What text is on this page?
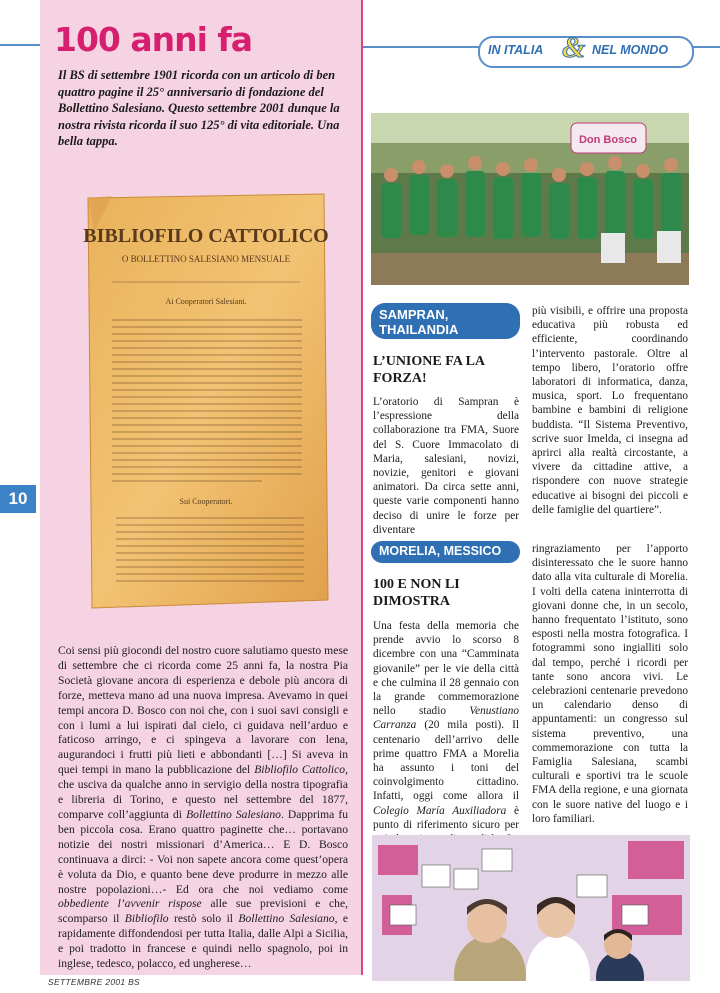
100 anni fa
Il BS di settembre 1901 ricorda con un articolo di ben quattro pagine il 25° anniversario di fondazione del Bollettino Salesiano. Questo settembre 2001 dunque la nostra rivista ricorda il suo 125° di vita editoriale. Una bella tappa.
BIBLIOFILO CATTOLICO
O BOLLETTINO SALESIANO MENSUALE
Ai Cooperatori Salesiani.
Sui Cooperatori.
Coi sensi più giocondi del nostro cuore salutiamo questo mese di settembre che ci ricorda come 25 anni fa, la nostra Pia Società giovane ancora di esperienza e debole più ancora di forze, metteva mano ad una nuova impresa. Avevamo in quei tempi ancora D. Bosco con noi che, con i suoi savi consigli e con i lumi a lui ispirati dal cielo, ci guidava nell’arduo e faticoso arringo, e ci spingeva a lavorare con lena, augurandoci i frutti più lieti e abbondanti […] Si aveva in quei tempi in mano la pubblicazione del Bibliofilo Cattolico, che usciva da qualche anno in servigio della nostra tipografia e libreria di Torino, e questo nel settembre del 1877, comparve coll’aggiunta di Bollettino Salesiano. Dapprima fu ben piccola cosa. Erano quattro paginette che… portavano notizie dei nostri missionari d’America… E D. Bosco continuava a dirci: - Voi non sapete ancora come quest’opera è voluta da Dio, e quanto bene deve produrre in mezzo alle nostre popolazioni…- Ed ora che noi vediamo come obbediente l’avvenir rispose alle sue previsioni e che, scomparso il Bibliofilo restò solo il Bollettino Salesiano, e rapidamente diffondendosi per tutta Italia, dalle Alpi a Sicilia, e poi tradotto in francese e quindi nello spagnolo, poi in inglese, tedesco, polacco, ed ungherese…
10
SETTEMBRE 2001 BS
IN ITALIA & NEL MONDO
Don Bosco
SAMPRAN, THAILANDIA
L’UNIONE FA LA FORZA!
L’oratorio di Sampran è l’espressione della collaborazione tra FMA, Suore del S. Cuore Immacolato di Maria, salesiani, novizi, novizie, genitori e giovani animatori. Da circa sette anni, queste varie componenti hanno deciso di unire le forze per diventare
più visibili, e offrire una proposta educativa più robusta ed efficiente, coordinando l’intervento pastorale. Oltre al tempo libero, l’oratorio offre laboratori di informatica, danza, musica, sport. Lo frequentano bambine e bambini di religione buddista. “Il Sistema Preventivo, scrive suor Imelda, ci insegna ad aprirci alla realtà circostante, a vivere da cittadine attive, a rispondere con nuove strategie educative ai bisogni dei piccoli e delle famiglie del quartiere”.
MORELIA, MESSICO
100 E NON LI DIMOSTRA
Una festa della memoria che prende avvio lo scorso 8 dicembre con una “Camminata giovanile” per le vie della città e che culmina il 28 gennaio con la grande commemorazione nello stadio Venustiano Carranza (20 mila posti). Il centenario dell’arrivo delle prime quattro FMA a Morelia ha assunto i toni del coinvolgimento cittadino. Infatti, oggi come allora il Colegio María Auxiliadora è punto di riferimento sicuro per
ringraziamento per l’apporto disinteressato che le suore hanno dato alla vita culturale di Morelia. I volti della catena ininterrotta di giovani donne che, in un secolo, hanno frequentato l’istituto, sono esposti nella mostra fotografica. I fotogrammi sono ingialliti solo dal tempo, perché i ricordi per tante sono ancora vivi. Le celebrazioni centenarie prevedono un calendario denso di appuntamenti: un congresso sul sistema preventivo, una commemorazione con tutta la Famiglia Salesiana, scambi culturali e sportivi tra le scuole FMA della regione, e una giornata con le suore native del luogo e i loro familiari.
